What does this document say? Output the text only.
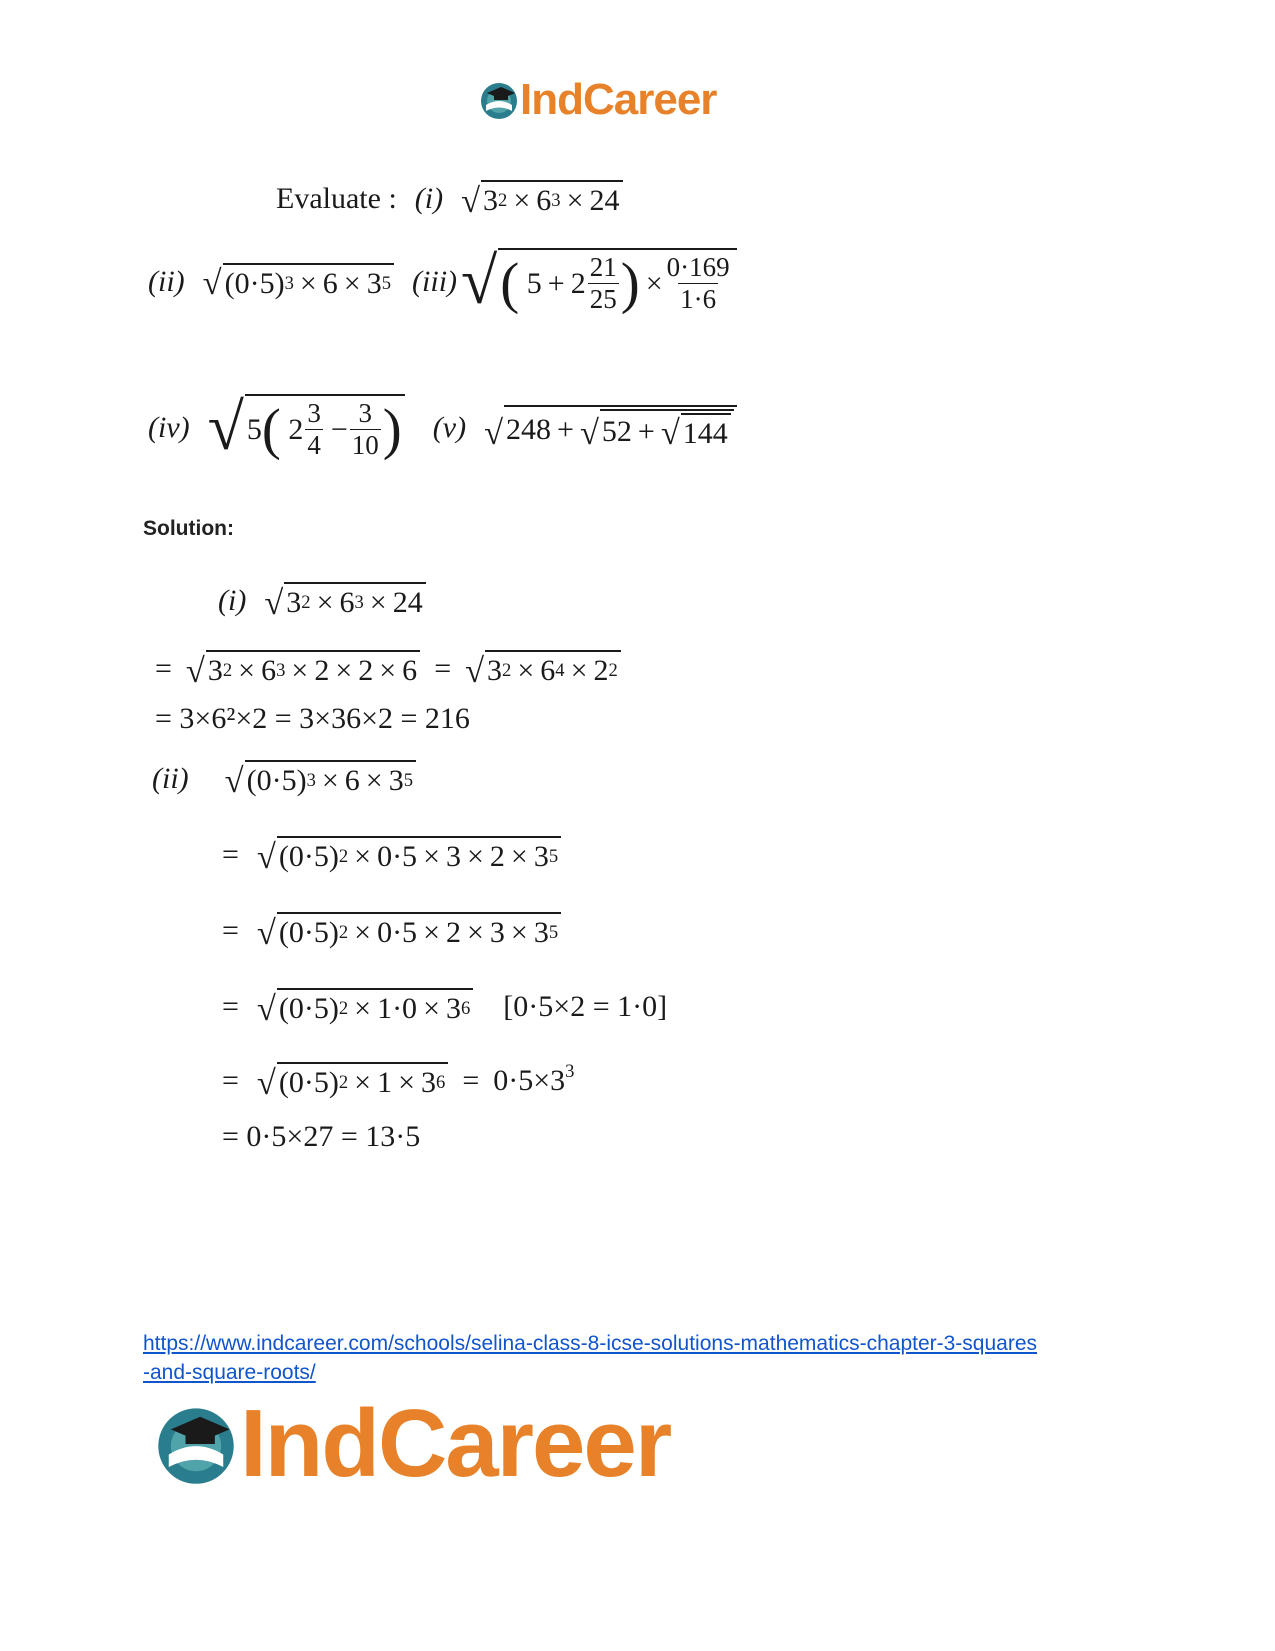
IndCareer
Evaluate : (i) √ 3 2  × 6 3  × 24
(ii) √ (0·5) 3  × 6 × 3 5 (iii) √ ( $5 + 2 \frac{21}{25}$ )  × $\frac{0\cdot 169}{1\cdot 6}$
(iv) √ 5 ( $2 \frac{3}{4} - \frac{3}{10}$ ) (v) √ 248 +  √ 52 +  √ 144
Solution:
(i) √ 3 2  × 6 3  × 24
= √ 3 2  × 6 3  × 2 × 2 × 6 = √ 3 2  × 6 4  × 2 2
= 3×6²×2 = 3×36×2 = 216
(ii) √ (0·5) 3  × 6 × 3 5
= √ (0·5) 2  × 0·5 × 3 × 2 × 3 5
= √ (0·5) 2  × 0·5 × 2 × 3 × 3 5
= √ (0·5) 2  × 1·0 × 3 6 [0·5×2 = 1·0]
= √ (0·5) 2  × 1 × 3 $6 = 0\cdot 5\times 3^3$
= 0·5×27 = 13·5
https://www.indcareer.com/schools/selina-class-8-icse-solutions-mathematics-chapter-3-squares
-and-square-roots/
IndCareer
